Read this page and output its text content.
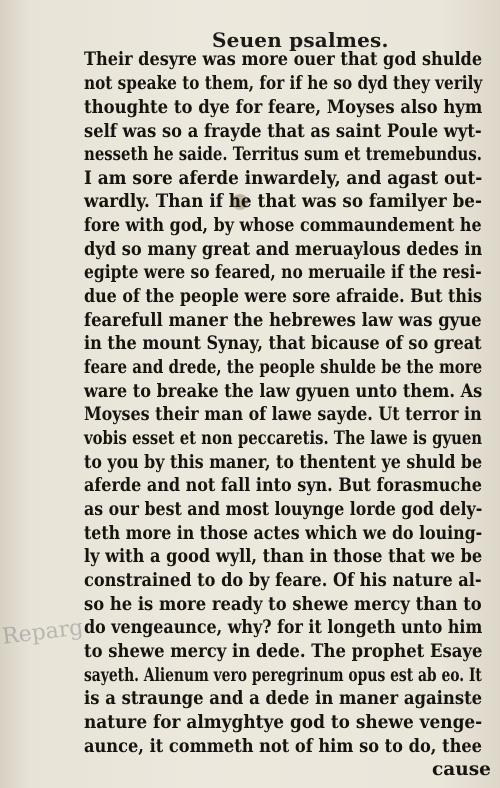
Reparg
Seuen psalmes.
Their desyre was more ouer that god shulde
not speake to them, for if he so dyd they verily
thoughte to dye for feare, Moyses also hym
self was so a frayde that as saint Poule wyt-
nesseth he saide. Territus sum et tremebundus.
I am sore aferde inwardely, and agast out-
wardly. Than if he that was so familyer be-
fore with god, by whose commaundement he
dyd so many great and meruaylous dedes in
egipte were so feared, no meruaile if the resi-
due of the people were sore afraide. But this
fearefull maner the hebrewes law was gyue
in the mount Synay, that bicause of so great
feare and drede, the people shulde be the more
ware to breake the law gyuen unto them. As
Moyses their man of lawe sayde. Ut terror in
vobis esset et non peccaretis. The lawe is gyuen
to you by this maner, to thentent ye shuld be
aferde and not fall into syn. But forasmuche
as our best and most louynge lorde god dely-
teth more in those actes which we do louing-
ly with a good wyll, than in those that we be
constrained to do by feare. Of his nature al-
so he is more ready to shewe mercy than to
do vengeaunce, why? for it longeth unto him
to shewe mercy in dede. The prophet Esaye
sayeth. Alienum vero peregrinum opus est ab eo. It
is a straunge and a dede in maner againste
nature for almyghtye god to shewe venge-
aunce, it commeth not of him so to do, thee
cause
